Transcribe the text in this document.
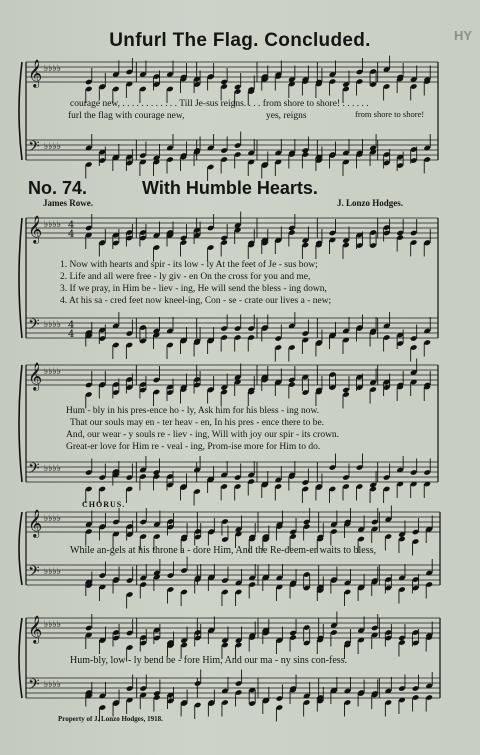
HY
Unfurl The Flag. Concluded.
courage new, . . . . . . . . . . . . Till Je-sus reigns. . . . from shore to shore! . . . . . .
furl the flag with courage new,	yes, reigns	from shore to shore!
No. 74.	With Humble Hearts.
James Rowe.	J. Lonzo Hodges.
1. Now with hearts and spir - its low - ly At the feet of Je - sus bow;
2. Life and all were free - ly giv - en On the cross for you and me,
3. If we pray, in Him be - liev - ing, He will send the bless - ing down,
4. At his sa - cred feet now kneel-ing, Con - se - crate our lives a - new;
Hum - bly in his pres-ence ho - ly, Ask him for his bless - ing now.
That our souls may en - ter heav - en, In his pres - ence there to be.
And, our wear - y souls re - liev - ing, Will with joy our spir - its crown.
Great-er love for Him re - veal - ing, Prom-ise more for Him to do.
CHORUS.
While an-gels at his throne a - dore Him, And the Re-deem-er waits to bless,
Hum-bly, low - ly bend be - fore Him, And our ma - ny sins con-fess.
Property of J. Lonzo Hodges, 1918.
𝄞
𝄢
♭♭♭♭
♭♭♭♭
𝄞
𝄢
♭♭♭♭
♭♭♭♭
4
4
4
4
𝄞
𝄢
♭♭♭♭
♭♭♭♭
𝄞
𝄢
♭♭♭♭
♭♭♭♭
𝄞
𝄢
♭♭♭♭
♭♭♭♭
